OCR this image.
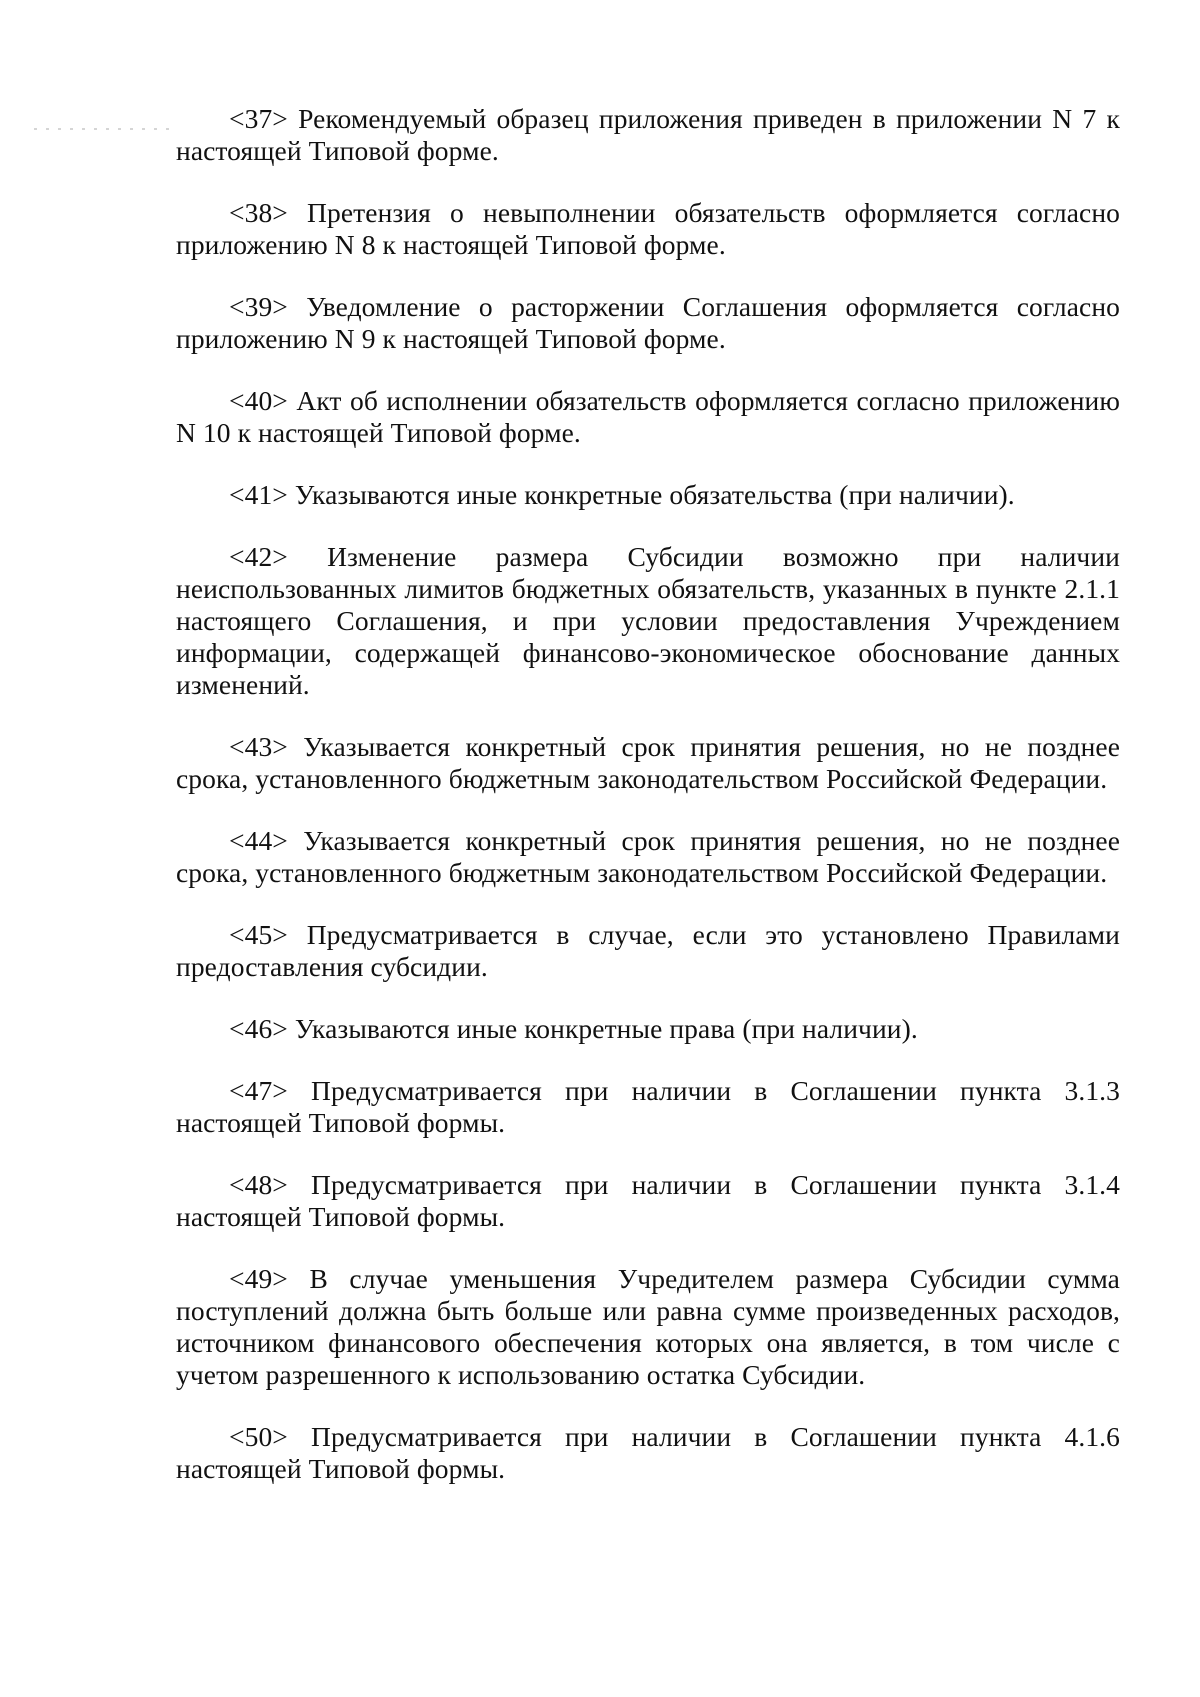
<37> Рекомендуемый образец приложения приведен в приложении N 7 к настоящей Типовой форме.

<38> Претензия о невыполнении обязательств оформляется согласно приложению N 8 к настоящей Типовой форме.

<39> Уведомление о расторжении Соглашения оформляется согласно приложению N 9 к настоящей Типовой форме.

<40> Акт об исполнении обязательств оформляется согласно приложению N 10 к настоящей Типовой форме.

<41> Указываются иные конкретные обязательства (при наличии).

<42> Изменение размера Субсидии возможно при наличии неиспользованных лимитов бюджетных обязательств, указанных в пункте 2.1.1 настоящего Соглашения, и при условии предоставления Учреждением информации, содержащей финансово-экономическое обоснование данных изменений.

<43> Указывается конкретный срок принятия решения, но не позднее срока, установленного бюджетным законодательством Российской Федерации.

<44> Указывается конкретный срок принятия решения, но не позднее срока, установленного бюджетным законодательством Российской Федерации.

<45> Предусматривается в случае, если это установлено Правилами предоставления субсидии.

<46> Указываются иные конкретные права (при наличии).

<47> Предусматривается при наличии в Соглашении пункта 3.1.3 настоящей Типовой формы.

<48> Предусматривается при наличии в Соглашении пункта 3.1.4 настоящей Типовой формы.

<49> В случае уменьшения Учредителем размера Субсидии сумма поступлений должна быть больше или равна сумме произведенных расходов, источником финансового обеспечения которых она является, в том числе с учетом разрешенного к использованию остатка Субсидии.

<50> Предусматривается при наличии в Соглашении пункта 4.1.6 настоящей Типовой формы.
